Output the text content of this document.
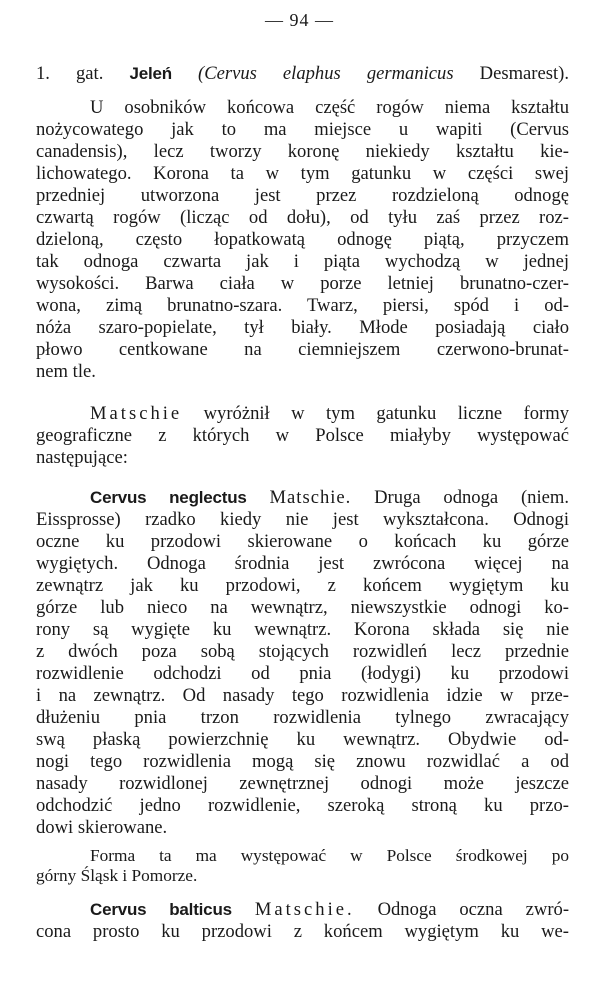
— 94 —
1. gat. Jeleń (Cervus elaphus germanicus Desmarest).
U osobników końcowa część rogów niema kształtu
nożycowatego jak to ma miejsce u wapiti (Cervus
canadensis), lecz tworzy koronę niekiedy kształtu kie-
lichowatego. Korona ta w tym gatunku w części swej
przedniej utworzona jest przez rozdzieloną odnogę
czwartą rogów (licząc od dołu), od tyłu zaś przez roz-
dzieloną, często łopatkowatą odnogę piątą, przyczem
tak odnoga czwarta jak i piąta wychodzą w jednej
wysokości. Barwa ciała w porze letniej brunatno-czer-
wona, zimą brunatno-szara. Twarz, piersi, spód i od-
nóża szaro-popielate, tył biały. Młode posiadają ciało
płowo centkowane na ciemniejszem czerwono-brunat-
nem tle.
Matschie wyróżnił w tym gatunku liczne formy
geograficzne z których w Polsce miałyby występować
następujące:
Cervus neglectus Matschie. Druga odnoga (niem.
Eissprosse) rzadko kiedy nie jest wykształcona. Odnogi
oczne ku przodowi skierowane o końcach ku górze
wygiętych. Odnoga środnia jest zwrócona więcej na
zewnątrz jak ku przodowi, z końcem wygiętym ku
górze lub nieco na wewnątrz, niewszystkie odnogi ko-
rony są wygięte ku wewnątrz. Korona składa się nie
z dwóch poza sobą stojących rozwidleń lecz przednie
rozwidlenie odchodzi od pnia (łodygi) ku przodowi
i na zewnątrz. Od nasady tego rozwidlenia idzie w prze-
dłużeniu pnia trzon rozwidlenia tylnego zwracający
swą płaską powierzchnię ku wewnątrz. Obydwie od-
nogi tego rozwidlenia mogą się znowu rozwidlać a od
nasady rozwidlonej zewnętrznej odnogi może jeszcze
odchodzić jedno rozwidlenie, szeroką stroną ku przo-
dowi skierowane.
Forma ta ma występować w Polsce środkowej po
górny Śląsk i Pomorze.
Cervus balticus Matschie. Odnoga oczna zwró-
cona prosto ku przodowi z końcem wygiętym ku we-
